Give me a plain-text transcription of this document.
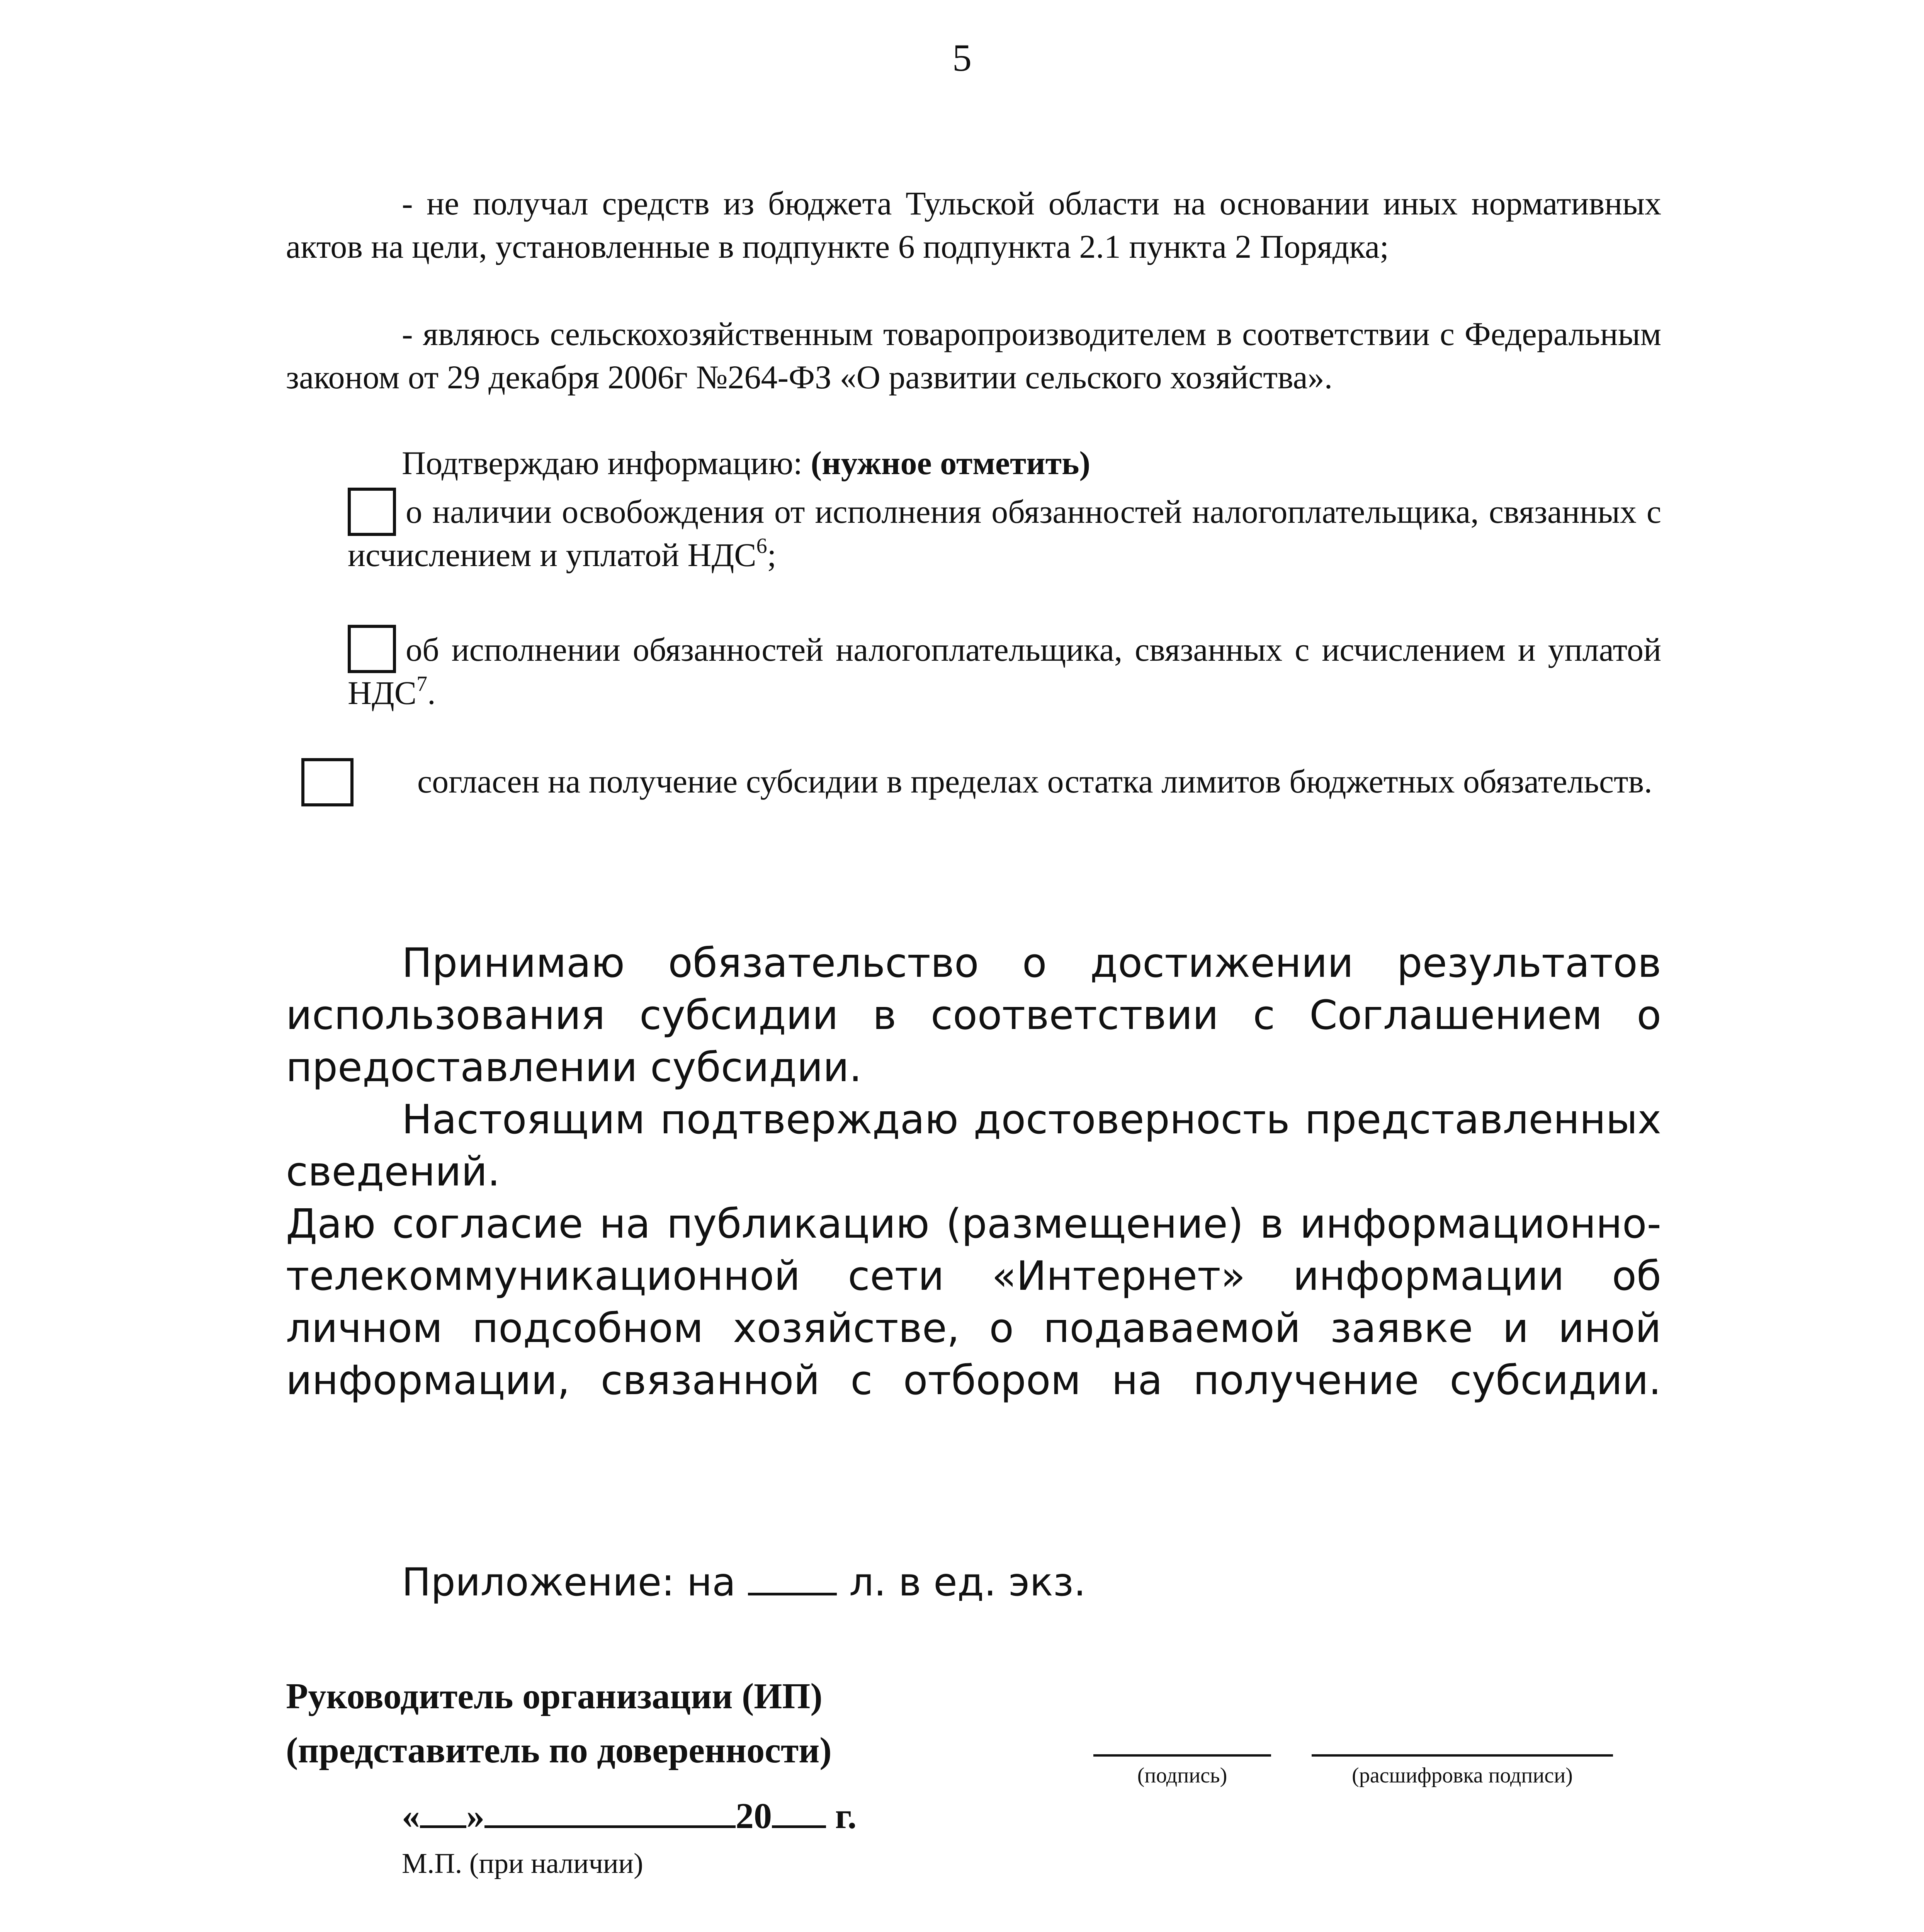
5
- не получал средств из бюджета Тульской области на основании иных нормативных актов на цели, установленные в подпункте 6 подпункта 2.1 пункта 2 Порядка;
- являюсь сельскохозяйственным товаропроизводителем в соответствии с Федеральным законом от 29 декабря 2006г №264-ФЗ «О развитии сельского хозяйства».
Подтверждаю информацию: (нужное отметить)
о наличии освобождения от исполнения обязанностей налогоплательщика, связанных с исчислением и уплатой НДС$^6$;
об исполнении обязанностей налогоплательщика, связанных с исчислением и уплатой НДС$^7$.
согласен на получение субсидии в пределах остатка лимитов бюджетных обязательств.
Принимаю обязательство о достижении результатов использования субсидии в соответствии с Соглашением о предоставлении субсидии.
Настоящим подтверждаю достоверность представленных сведений.
Даю согласие на публикацию (размещение) в информационно-телекоммуникационной сети «Интернет» информации об личном подсобном хозяйстве, о подаваемой заявке и иной информации, связанной с отбором на получение субсидии.
Приложение: на	л. в ед. экз.
Руководитель организации (ИП)
(представитель по доверенности)
(подпись)	(расшифровка подписи)
« »	20 г.
М.П. (при наличии)
